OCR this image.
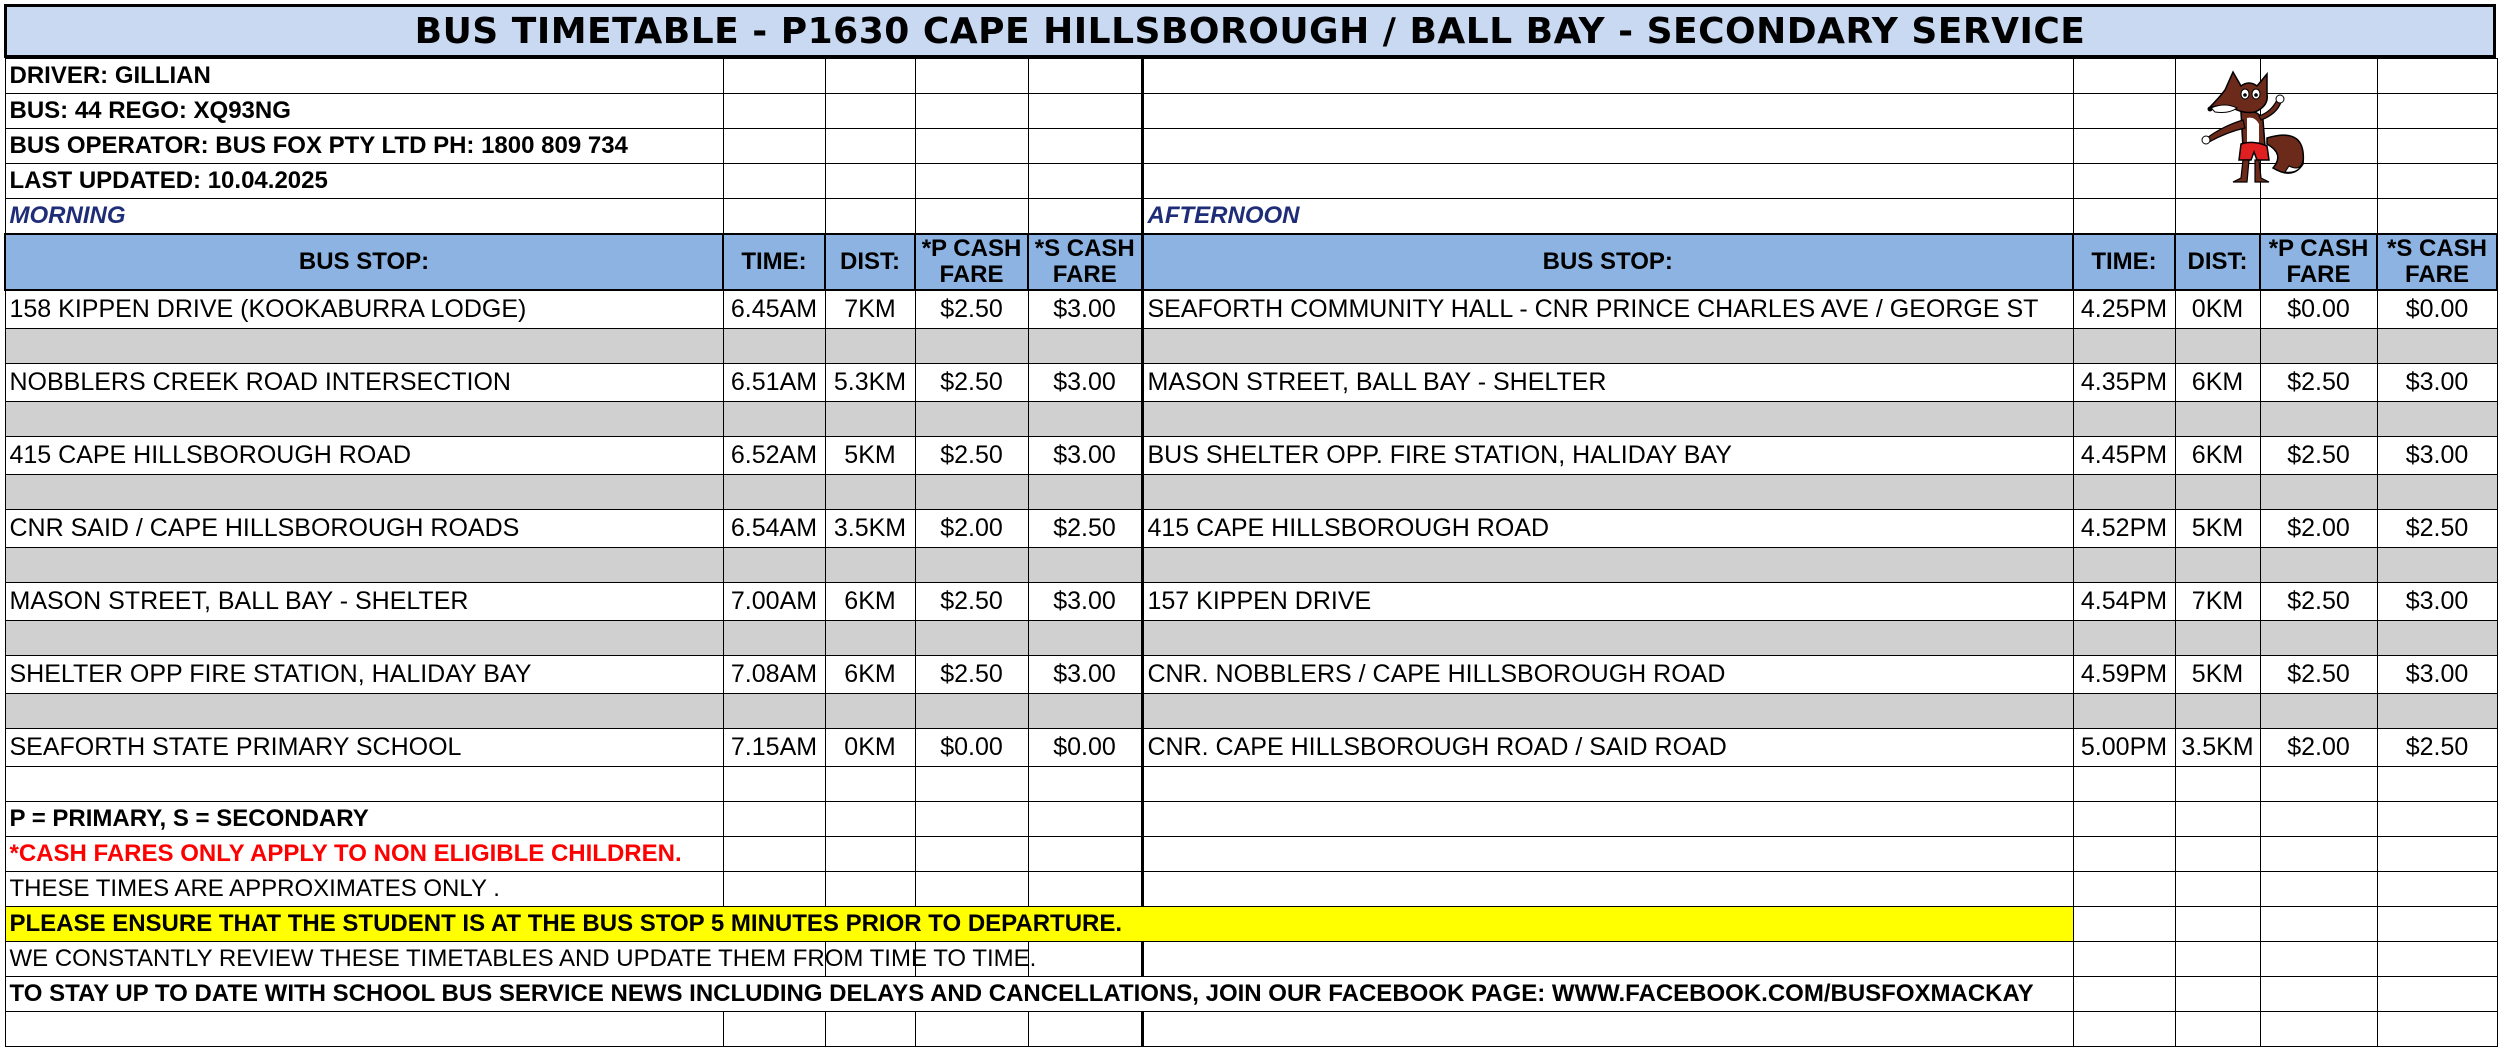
BUS TIMETABLE - P1630 CAPE HILLSBOROUGH / BALL BAY - SECONDARY SERVICE
DRIVER: GILLIAN									
BUS: 44 REGO: XQ93NG									
BUS OPERATOR: BUS FOX PTY LTD PH: 1800 809 734									
LAST UPDATED: 10.04.2025									
MORNING					AFTERNOON				
BUS STOP:	TIME:	DIST:	*P CASH FARE	*S CASH FARE	BUS STOP:	TIME:	DIST:	*P CASH FARE	*S CASH FARE
158 KIPPEN DRIVE (KOOKABURRA LODGE)	6.45AM	7KM	$2.50	$3.00	SEAFORTH COMMUNITY HALL - CNR PRINCE CHARLES AVE / GEORGE ST	4.25PM	0KM	$0.00	$0.00

NOBBLERS CREEK ROAD INTERSECTION	6.51AM	5.3KM	$2.50	$3.00	MASON STREET, BALL BAY - SHELTER	4.35PM	6KM	$2.50	$3.00

415 CAPE HILLSBOROUGH ROAD	6.52AM	5KM	$2.50	$3.00	BUS SHELTER OPP. FIRE STATION, HALIDAY BAY	4.45PM	6KM	$2.50	$3.00

CNR SAID / CAPE HILLSBOROUGH ROADS	6.54AM	3.5KM	$2.00	$2.50	415 CAPE HILLSBOROUGH ROAD	4.52PM	5KM	$2.00	$2.50

MASON STREET, BALL BAY - SHELTER	7.00AM	6KM	$2.50	$3.00	157 KIPPEN DRIVE	4.54PM	7KM	$2.50	$3.00

SHELTER OPP FIRE STATION, HALIDAY BAY	7.08AM	6KM	$2.50	$3.00	CNR. NOBBLERS / CAPE HILLSBOROUGH ROAD	4.59PM	5KM	$2.50	$3.00

SEAFORTH STATE PRIMARY SCHOOL	7.15AM	0KM	$0.00	$0.00	CNR. CAPE HILLSBOROUGH ROAD / SAID ROAD	5.00PM	3.5KM	$2.00	$2.50

P = PRIMARY, S = SECONDARY									
*CASH FARES ONLY APPLY TO NON ELIGIBLE CHILDREN.									
THESE TIMES ARE APPROXIMATES ONLY .									
PLEASE ENSURE THAT THE STUDENT IS AT THE BUS STOP 5 MINUTES PRIOR TO DEPARTURE.									
WE CONSTANTLY REVIEW THESE TIMETABLES AND UPDATE THEM FROM TIME TO TIME.									
TO STAY UP TO DATE WITH SCHOOL BUS SERVICE NEWS INCLUDING DELAYS AND CANCELLATIONS, JOIN OUR FACEBOOK PAGE: WWW.FACEBOOK.COM/BUSFOXMACKAY									
